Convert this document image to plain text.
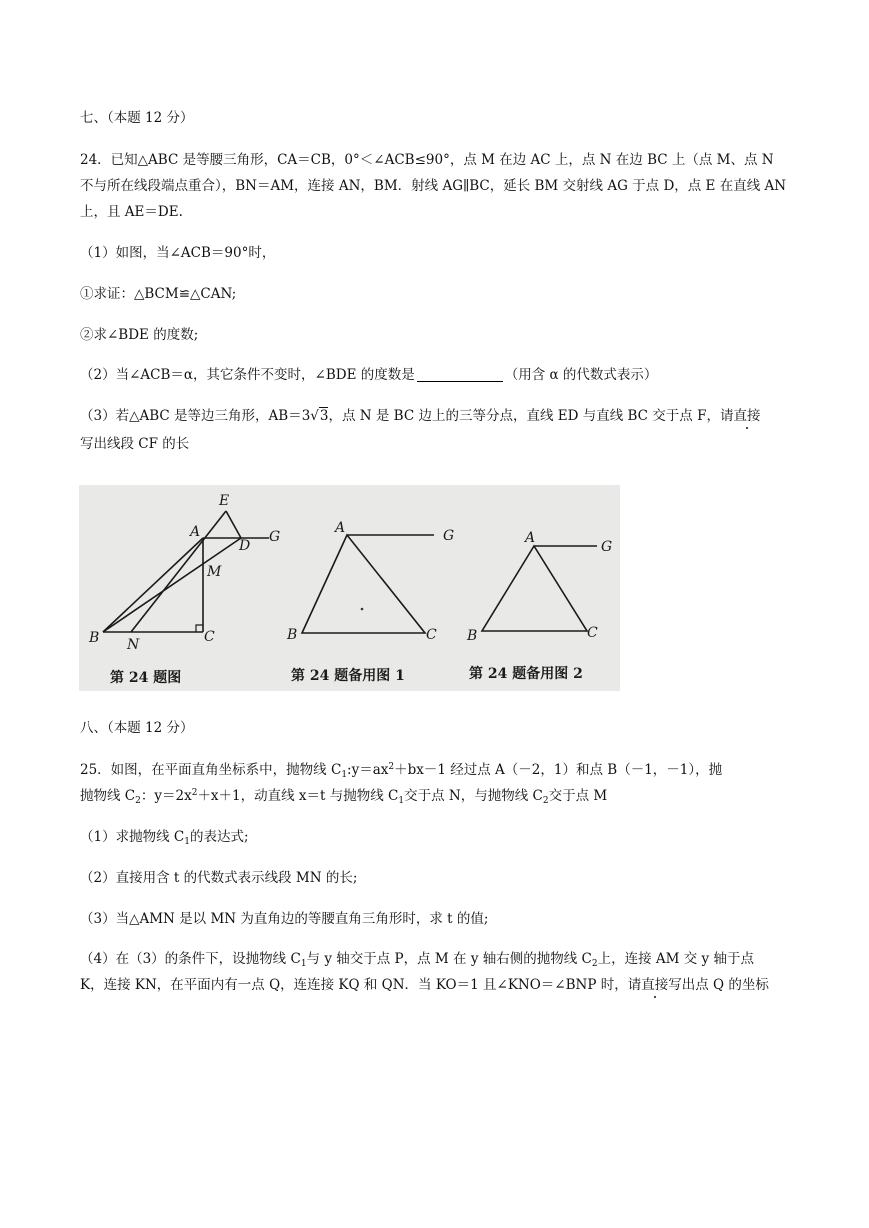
七、（本题 12 分）
24．已知△ABC 是等腰三角形，CA＝CB，0°＜∠ACB≤90°，点 M 在边 AC 上，点 N 在边 BC 上（点 M、点 N
不与所在线段端点重合），BN＝AM，连接 AN，BM．射线 AG∥BC，延长 BM 交射线 AG 于点 D，点 E 在直线 AN
上，且 AE＝DE.
（1）如图，当∠ACB＝90°时，
①求证：△BCM≌△CAN;
②求∠BDE 的度数;
（2）当∠ACB＝α，其它条件不变时，∠BDE 的度数是	（用含 α 的代数式表示）
（3）若△ABC 是等边三角形，AB＝3√3，点 N 是 BC 边上的三等分点，直线 ED 与直线 BC 交于点 F，请直接
写出线段 CF 的长
E
A	G
D
M
B N	C
A	G
B	C
A
G
B	C
第 24 题图	第 24 题备用图 1	第 24 题备用图 2
八、（本题 12 分）
25．如图，在平面直角坐标系中，抛物线 $C_1:y=ax^2+bx-1$ 经过点 A（－2，1）和点 B（－1，－1），抛
抛物线 $C_2$：$y=2x^2+x+1$，动直线 x＝t 与抛物线 $C_1$交于点 N，与抛物线 $C_2$交于点 M
（1）求抛物线 $C_1$的表达式;
（2）直接用含 t 的代数式表示线段 MN 的长;
（3）当△AMN 是以 MN 为直角边的等腰直角三角形时，求 t 的值;
（4）在（3）的条件下，设抛物线 $C_1$与 y 轴交于点 P，点 M 在 y 轴右侧的抛物线 $C_2$上，连接 AM 交 y 轴于点
K，连接 KN，在平面内有一点 Q，连连接 KQ 和 QN．当 KO＝1 且∠KNO＝∠BNP 时，请直接写出点 Q 的坐标
